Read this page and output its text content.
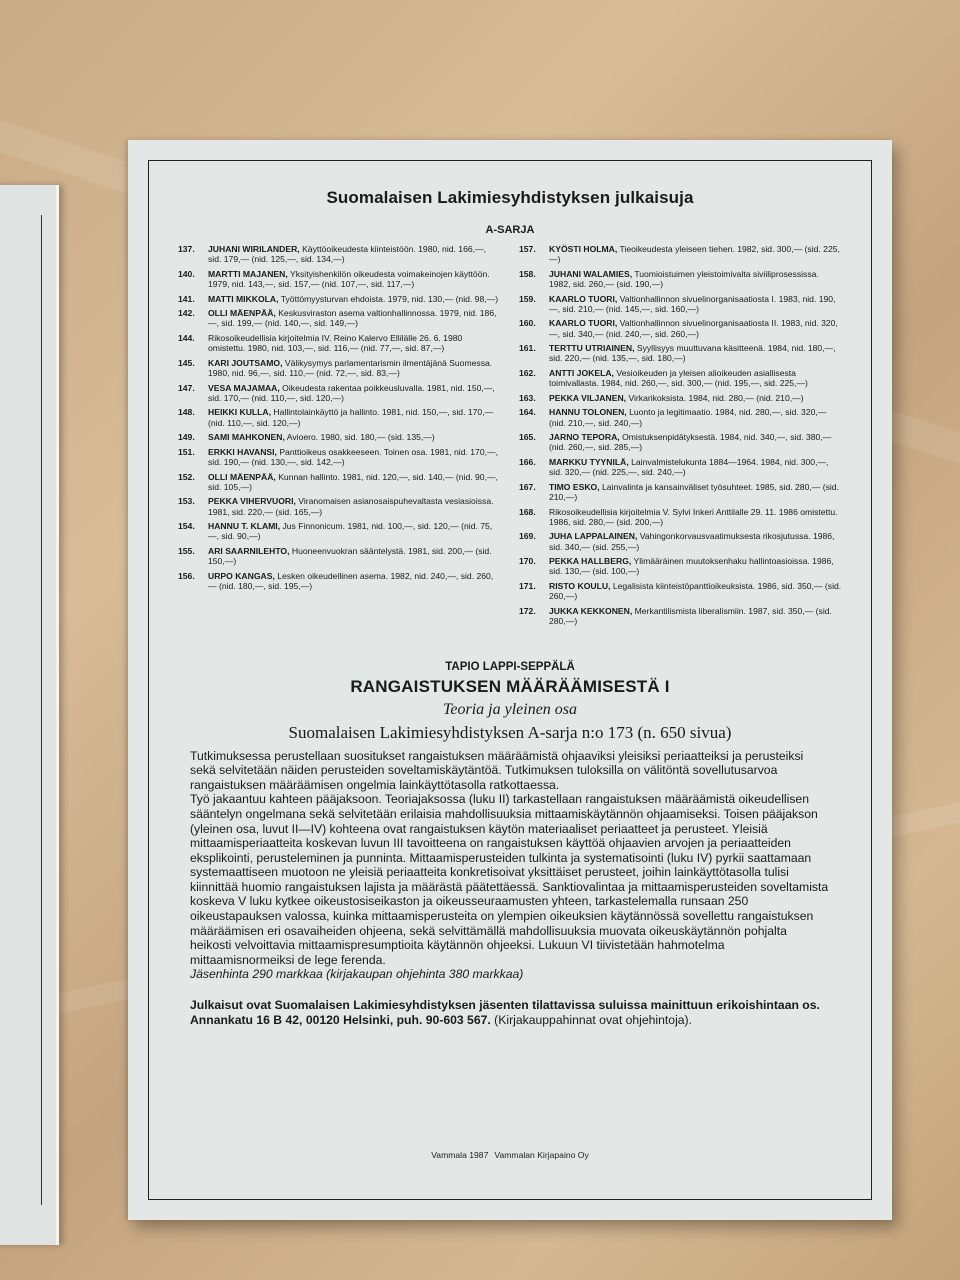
Suomalaisen Lakimiesyhdistyksen julkaisuja
A-SARJA
137.	JUHANI WIRILANDER, Käyttöoikeudesta kiinteistöön. 1980, nid. 166,—, sid. 179,— (nid. 125,—, sid. 134,—)
140.	MARTTI MAJANEN, Yksityishenkilön oikeudesta voimakeinojen käyttöön. 1979, nid. 143,—, sid. 157,— (nid. 107,—, sid. 117,—)
141.	MATTI MIKKOLA, Työttömyysturvan ehdoista. 1979, nid. 130,— (nid. 98,—)
142.	OLLI MÄENPÄÄ, Keskusviraston asema valtionhallinnossa. 1979, nid. 186,—, sid. 199,— (nid. 140,—, sid. 149,—)
144.	Rikosoikeudellisia kirjoitelmia IV. Reino Kalervo Ellilälle 26. 6. 1980 omistettu. 1980, nid. 103,—, sid. 116,— (nid. 77,—, sid. 87,—)
145.	KARI JOUTSAMO, Välikysymys parlamentarismin ilmentäjänä Suomessa. 1980, nid. 96,—, sid. 110,— (nid. 72,—, sid. 83,—)
147.	VESA MAJAMAA, Oikeudesta rakentaa poikkeusluvalla. 1981, nid. 150,—, sid. 170,— (nid. 110,—, sid. 120,—)
148.	HEIKKI KULLA, Hallintolainkäyttö ja hallinto. 1981, nid. 150,—, sid. 170,— (nid. 110,—, sid. 120,—)
149.	SAMI MAHKONEN, Avioero. 1980, sid. 180,— (sid. 135,—)
151.	ERKKI HAVANSI, Panttioikeus osakkeeseen. Toinen osa. 1981, nid. 170,—, sid. 190,— (nid. 130,—, sid. 142,—)
152.	OLLI MÄENPÄÄ, Kunnan hallinto. 1981, nid. 120,—, sid. 140,— (nid. 90,—, sid. 105,—)
153.	PEKKA VIHERVUORI, Viranomaisen asianosaispuhevaltasta vesiasioissa. 1981, sid. 220,— (sid. 165,—)
154.	HANNU T. KLAMI, Jus Finnonicum. 1981, nid. 100,—, sid. 120,— (nid. 75,—, sid. 90,—)
155.	ARI SAARNILEHTO, Huoneenvuokran sääntelystä. 1981, sid. 200,— (sid. 150,—)
156.	URPO KANGAS, Lesken oikeudellinen asema. 1982, nid. 240,—, sid. 260,— (nid. 180,—, sid. 195,—)
157.	KYÖSTI HOLMA, Tieoikeudesta yleiseen tiehen. 1982, sid. 300,— (sid. 225,—)
158.	JUHANI WALAMIES, Tuomioistuimen yleistoimivalta siviiliprosessissa. 1982, sid. 260,— (sid. 190,—)
159.	KAARLO TUORI, Valtionhallinnon sivuelinorganisaatiosta I. 1983, nid. 190,—, sid. 210,— (nid. 145,—, sid. 160,—)
160.	KAARLO TUORI, Valtionhallinnon sivuelinorganisaatiosta II. 1983, nid. 320,—, sid. 340,— (nid. 240,—, sid. 260,—)
161.	TERTTU UTRIAINEN, Syyllisyys muuttuvana käsitteenä. 1984, nid. 180,—, sid. 220,— (nid. 135,—, sid. 180,—)
162.	ANTTI JOKELA, Vesioikeuden ja yleisen alioikeuden asiallisesta toimivallasta. 1984, nid. 260,—, sid. 300,— (nid. 195,—, sid. 225,—)
163.	PEKKA VILJANEN, Virkarikoksista. 1984, nid. 280,— (nid. 210,—)
164.	HANNU TOLONEN, Luonto ja legitimaatio. 1984, nid. 280,—, sid. 320,— (nid. 210,—, sid. 240,—)
165.	JARNO TEPORA, Omistuksenpidätyksestä. 1984, nid. 340,—, sid. 380,— (nid. 260,—, sid. 285,—)
166.	MARKKU TYYNILÄ, Lainvalmistelukunta 1884—1964. 1984, nid. 300,—, sid. 320,— (nid. 225,—, sid. 240,—)
167.	TIMO ESKO, Lainvalinta ja kansainväliset työsuhteet. 1985, sid. 280,— (sid. 210,—)
168.	Rikosoikeudellisia kirjoitelmia V. Sylvi Inkeri Anttilalle 29. 11. 1986 omistettu. 1986, sid. 280,— (sid. 200,—)
169.	JUHA LAPPALAINEN, Vahingonkorvausvaatimuksesta rikosjutussa. 1986, sid. 340,— (sid. 255,—)
170.	PEKKA HALLBERG, Ylimääräinen muutoksenhaku hallintoasioissa. 1986, sid. 130,— (sid. 100,—)
171.	RISTO KOULU, Legalisista kiinteistöpanttioikeuksista. 1986, sid. 350,— (sid. 260,—)
172.	JUKKA KEKKONEN, Merkantilismista liberalismiin. 1987, sid. 350,— (sid. 280,—)
TAPIO LAPPI-SEPPÄLÄ
RANGAISTUKSEN MÄÄRÄÄMISESTÄ I
Teoria ja yleinen osa
Suomalaisen Lakimiesyhdistyksen A-sarja n:o 173 (n. 650 sivua)

Tutkimuksessa perustellaan suositukset rangaistuksen määräämistä ohjaaviksi yleisiksi periaatteiksi ja perusteiksi sekä selvitetään näiden perusteiden soveltamiskäytäntöä. Tutkimuksen tuloksilla on välitöntä sovellutusarvoa rangaistuksen määräämisen ongelmia lainkäyttötasolla ratkottaessa.

Työ jakaantuu kahteen pääjaksoon. Teoriajaksossa (luku II) tarkastellaan rangaistuksen määräämistä oikeudellisen sääntelyn ongelmana sekä selvitetään erilaisia mahdollisuuksia mittaamiskäytännön ohjaamiseksi. Toisen pääjakson (yleinen osa, luvut II—IV) kohteena ovat rangaistuksen käytön materiaaliset periaatteet ja perusteet. Yleisiä mittaamisperiaatteita koskevan luvun III tavoitteena on rangaistuksen käyttöä ohjaavien arvojen ja periaatteiden eksplikointi, perusteleminen ja punninta. Mittaamisperusteiden tulkinta ja systematisointi (luku IV) pyrkii saattamaan systemaattiseen muotoon ne yleisiä periaatteita konkretisoivat yksittäiset perusteet, joihin lainkäyttötasolla tulisi kiinnittää huomio rangaistuksen lajista ja määrästä päätettäessä. Sanktiovalintaa ja mittaamisperusteiden soveltamista koskeva V luku kytkee oikeustosiseikaston ja oikeusseuraamusten yhteen, tarkastelemalla runsaan 250 oikeustapauksen valossa, kuinka mittaamisperusteita on ylempien oikeuksien käytännössä sovellettu rangaistuksen määräämisen eri osavaiheiden ohjeena, sekä selvittämällä mahdollisuuksia muovata oikeuskäytännön pohjalta heikosti velvoittavia mittaamispresumptioita käytännön ohjeeksi. Lukuun VI tiivistetään hahmotelma mittaamisnormeiksi de lege ferenda.

Jäsenhinta 290 markkaa (kirjakaupan ohjehinta 380 markkaa)
Julkaisut ovat Suomalaisen Lakimiesyhdistyksen jäsenten tilattavissa suluissa mainittuun erikoishintaan os. Annankatu 16 B 42, 00120 Helsinki, puh. 90-603 567. (Kirjakauppahinnat ovat ohjehintoja).
Vammala 1987 Vammalan Kirjapaino Oy
